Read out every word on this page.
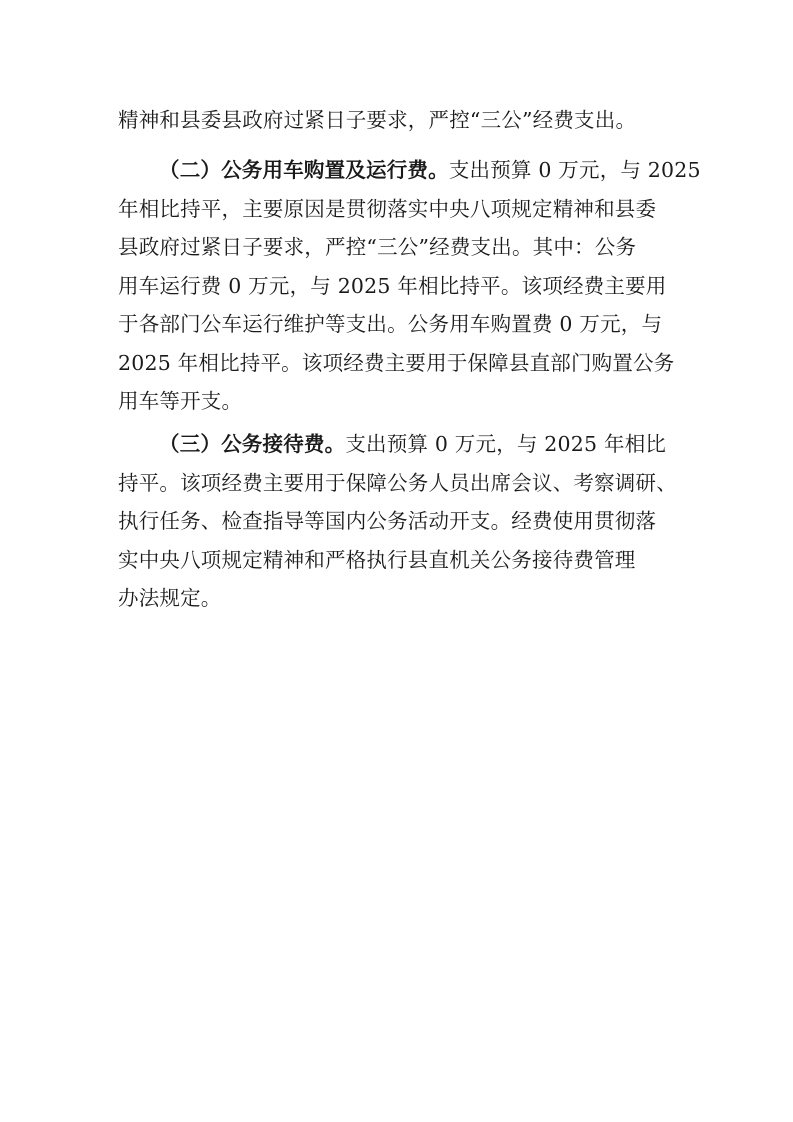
精神和县委县政府过紧日子要求，严控“三公”经费支出。
（二）公务用车购置及运行费。支出预算 0 万元，与 2025
年相比持平，主要原因是贯彻落实中央八项规定精神和县委
县政府过紧日子要求，严控“三公”经费支出。其中：公务
用车运行费 0 万元，与 2025 年相比持平。该项经费主要用
于各部门公车运行维护等支出。公务用车购置费 0 万元，与
2025 年相比持平。该项经费主要用于保障县直部门购置公务
用车等开支。
（三）公务接待费。支出预算 0 万元，与 2025 年相比
持平。该项经费主要用于保障公务人员出席会议、考察调研、
执行任务、检查指导等国内公务活动开支。经费使用贯彻落
实中央八项规定精神和严格执行县直机关公务接待费管理
办法规定。
